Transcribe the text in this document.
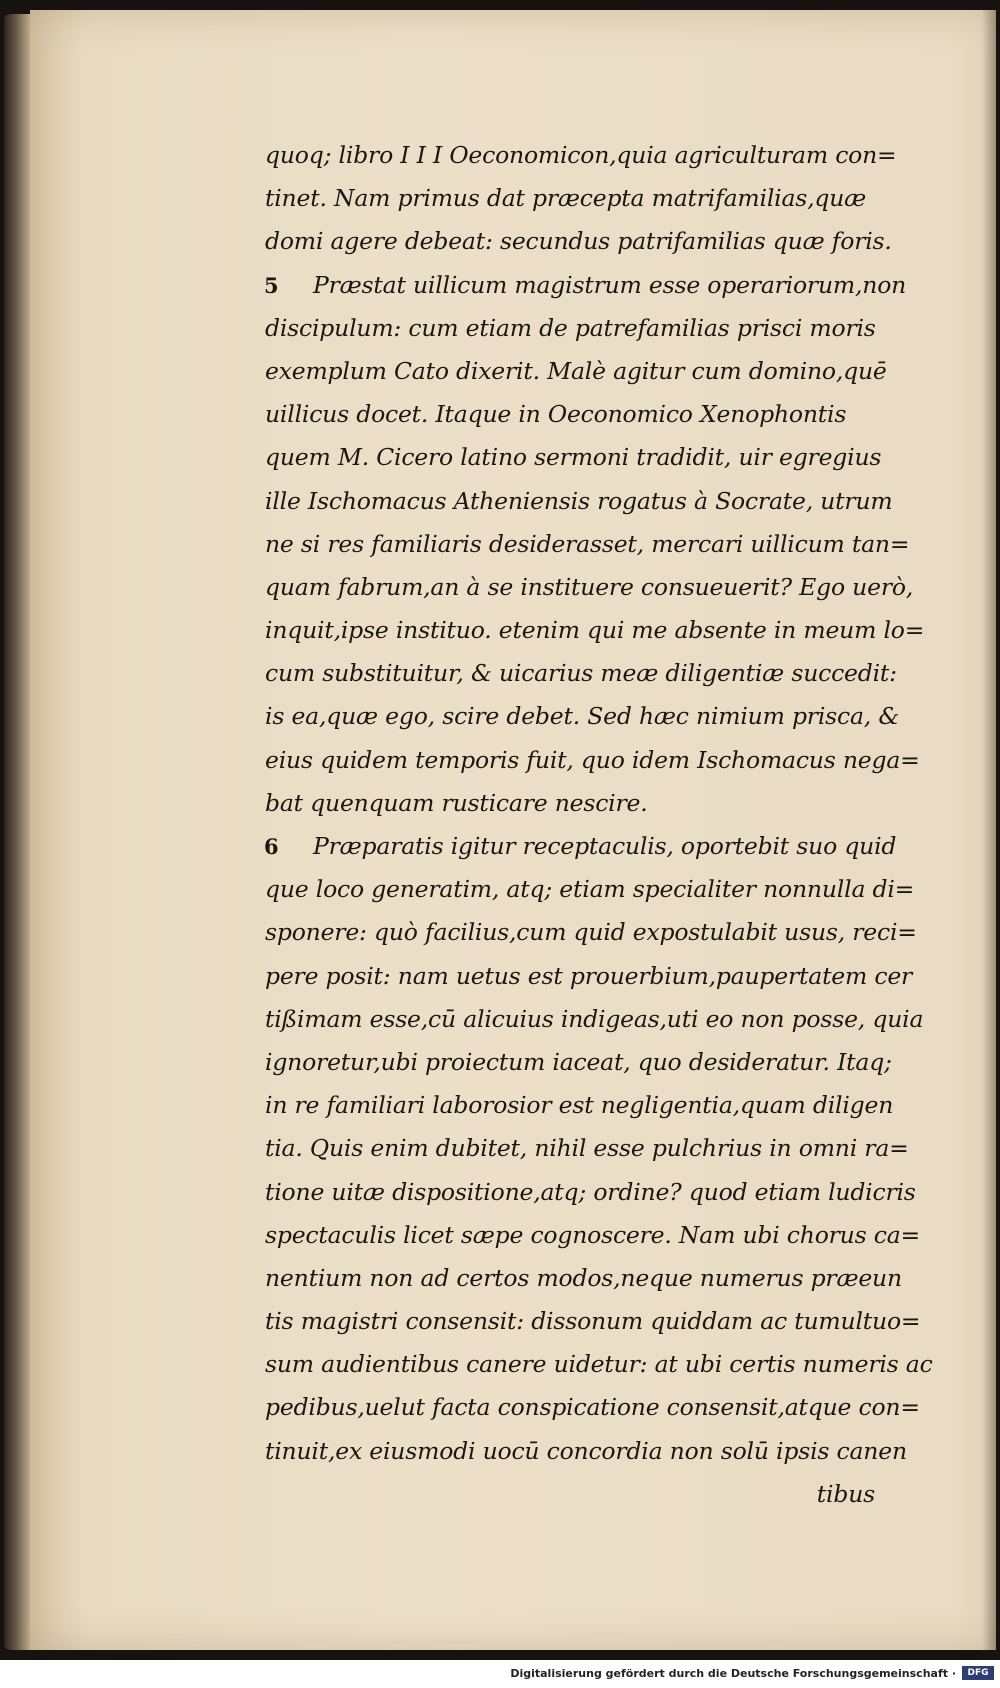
quoq; libro I I I Oeconomicon,quia agriculturam con=
tinet. Nam primus dat præcepta matrifamilias,quæ
domi agere debeat: secundus patrifamilias quæ foris.
5 Præstat uillicum magistrum esse operariorum,non
discipulum: cum etiam de patrefamilias prisci moris
exemplum Cato dixerit. Malè agitur cum domino,quē
uillicus docet. Itaque in Oeconomico Xenophontis
quem M. Cicero latino sermoni tradidit, uir egregius
ille Ischomacus Atheniensis rogatus à Socrate, utrum
ne si res familiaris desiderasset, mercari uillicum tan=
quam fabrum,an à se instituere consueuerit? Ego uerò,
inquit,ipse instituo. etenim qui me absente in meum lo=
cum substituitur, & uicarius meæ diligentiæ succedit:
is ea,quæ ego, scire debet. Sed hæc nimium prisca, &
eius quidem temporis fuit, quo idem Ischomacus nega=
bat quenquam rusticare nescire.
6 Præparatis igitur receptaculis, oportebit suo quid
que loco generatim, atq; etiam specialiter nonnulla di=
sponere: quò facilius,cum quid expostulabit usus, reci=
pere posit: nam uetus est prouerbium,paupertatem cer
tißimam esse,cū alicuius indigeas,uti eo non posse, quia
ignoretur,ubi proiectum iaceat, quo desideratur. Itaq;
in re familiari laborosior est negligentia,quam diligen
tia. Quis enim dubitet, nihil esse pulchrius in omni ra=
tione uitæ dispositione,atq; ordine? quod etiam ludicris
spectaculis licet sæpe cognoscere. Nam ubi chorus ca=
nentium non ad certos modos,neque numerus præeun
tis magistri consensit: dissonum quiddam ac tumultuo=
sum audientibus canere uidetur: at ubi certis numeris ac
pedibus,uelut facta conspicatione consensit,atque con=
tinuit,ex eiusmodi uocū concordia non solū ipsis canen
tibus
Digitalisierung gefördert durch die Deutsche Forschungsgemeinschaft ·	DFG
